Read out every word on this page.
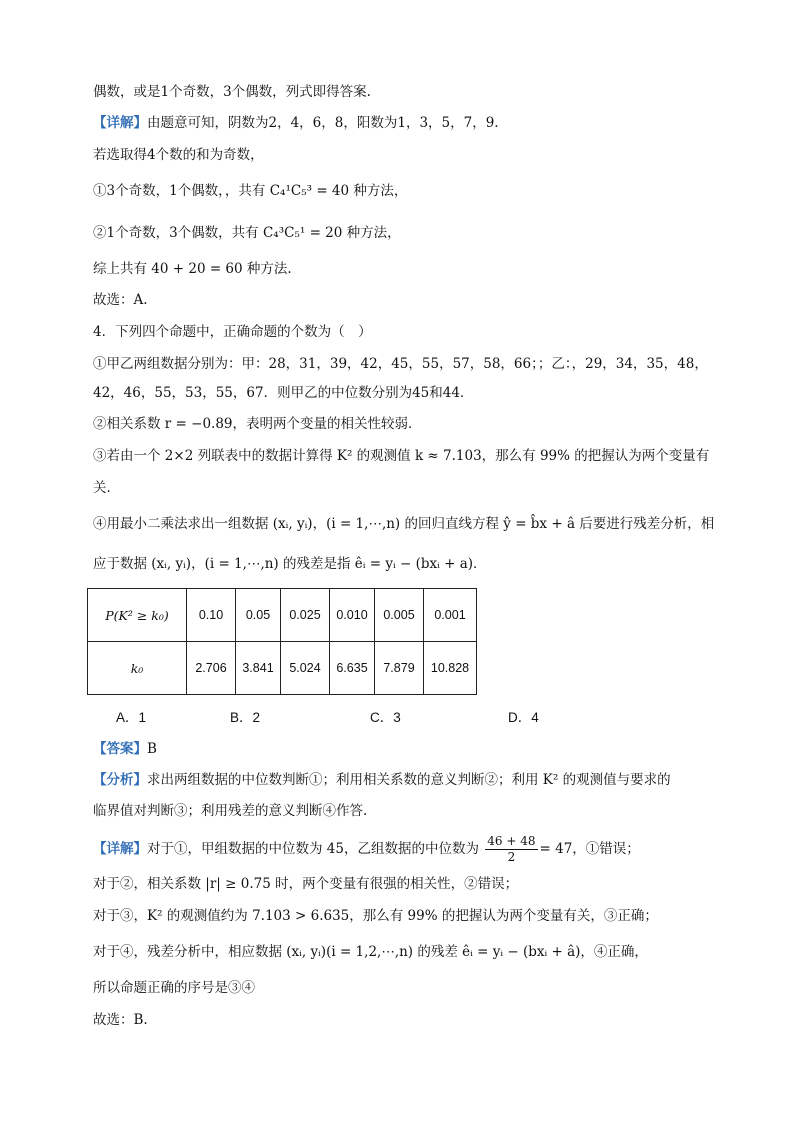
偶数，或是1个奇数，3个偶数，列式即得答案.
【详解】由题意可知，阴数为2，4，6，8，阳数为1，3，5，7，9.
若选取得4个数的和为奇数，
①3个奇数，1个偶数，，共有 C₄¹C₅³ = 40 种方法，
②1个奇数，3个偶数，共有 C₄³C₅¹ = 20 种方法，
综上共有 40 + 20 = 60 种方法.
故选：A.
4．下列四个命题中，正确命题的个数为（　）
①甲乙两组数据分别为：甲：28，31，39，42，45，55，57，58，66；；乙：，29，34，35，48，
42，46，55，53，55，67．则甲乙的中位数分别为45和44．
②相关系数 r = −0.89，表明两个变量的相关性较弱．
③若由一个 2×2 列联表中的数据计算得 K² 的观测值 k ≈ 7.103，那么有 99% 的把握认为两个变量有
关．
④用最小二乘法求出一组数据 (xᵢ, yᵢ)，(i = 1,⋯,n) 的回归直线方程 ŷ = b̂x + â 后要进行残差分析，相
应于数据 (xᵢ, yᵢ)，(i = 1,⋯,n) 的残差是指 êᵢ = yᵢ − (bxᵢ + a)．
P(K² ≥ k₀)	0.10	0.05	0.025	0.010	0.005	0.001
k₀	2.706	3.841	5.024	6.635	7.879	10.828
A．1	B．2	C．3	D．4
【答案】B
【分析】求出两组数据的中位数判断①；利用相关系数的意义判断②；利用 K² 的观测值与要求的
临界值对判断③；利用残差的意义判断④作答.
【详解】对于①，甲组数据的中位数为 45，乙组数据的中位数为 $\frac{46 + 48}{2} = 47$，①错误；
对于②，相关系数 |r| ≥ 0.75 时，两个变量有很强的相关性，②错误；
对于③，K² 的观测值约为 7.103 > 6.635，那么有 99% 的把握认为两个变量有关，③正确；
对于④，残差分析中，相应数据 (xᵢ, yᵢ)(i = 1,2,⋯,n) 的残差 êᵢ = yᵢ − (bxᵢ + â)，④正确，
所以命题正确的序号是③④
故选：B.
